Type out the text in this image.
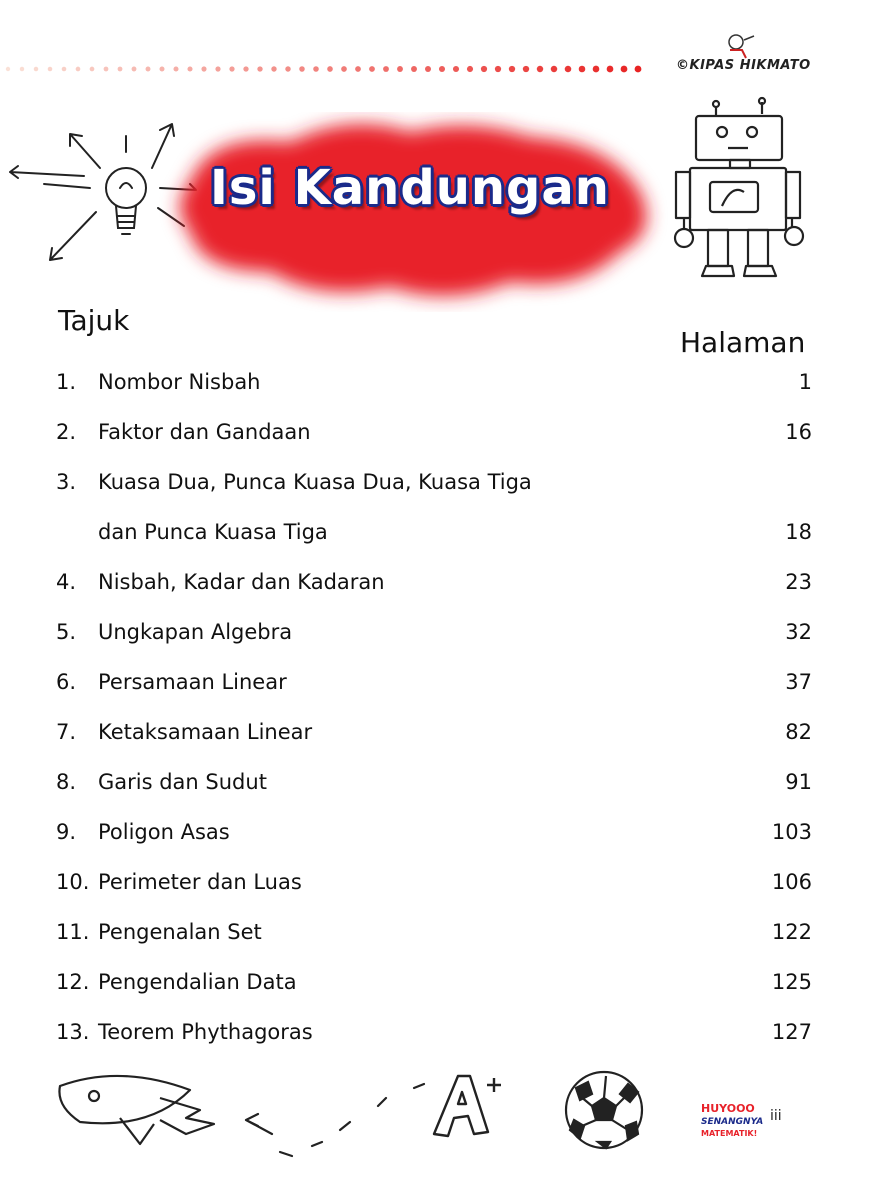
©KIPAS HIKMATO
Isi Kandungan
Tajuk
Halaman
1.	Nombor Nisbah	1
2.	Faktor dan Gandaan	16
3.	Kuasa Dua, Punca Kuasa Dua, Kuasa Tiga
dan Punca Kuasa Tiga	18
4.	Nisbah, Kadar dan Kadaran	23
5.	Ungkapan Algebra	32
6.	Persamaan Linear	37
7.	Ketaksamaan Linear	82
8.	Garis dan Sudut	91
9.	Poligon Asas	103
10. Perimeter dan Luas	106
11. Pengenalan Set	122
12. Pengendalian Data	125
13. Teorem Phythagoras	127
HUYOOO
SENANGNYA
MATEMATIK!
iii
